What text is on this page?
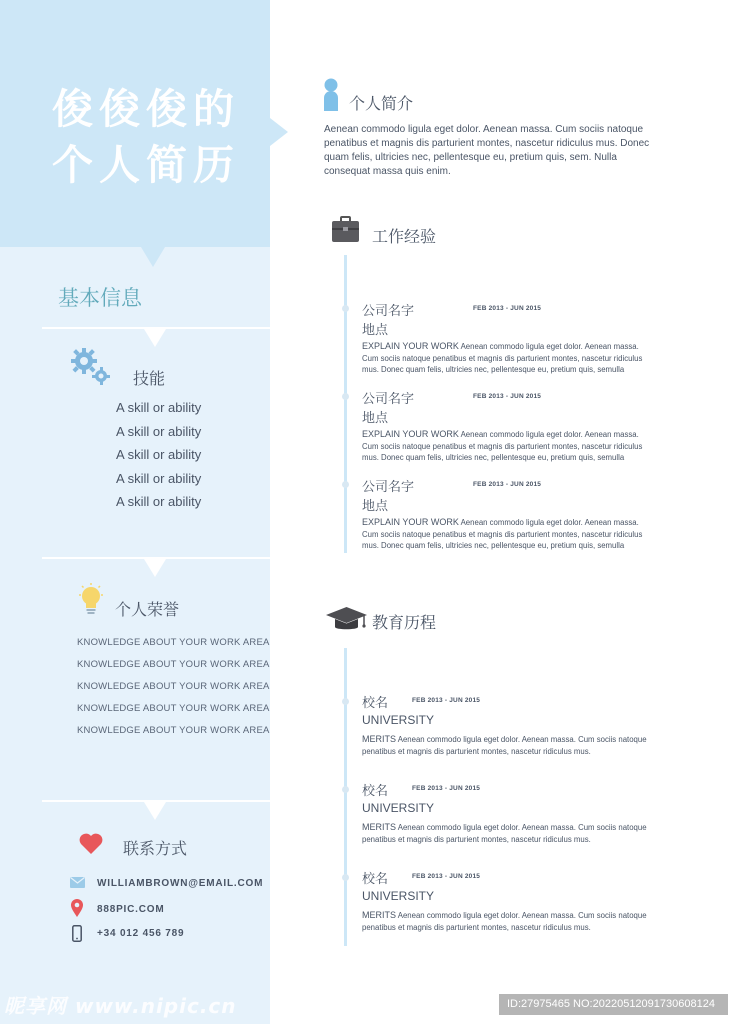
俊俊俊的
个人简历
基本信息
技能
A skill or ability
A skill or ability
A skill or ability
A skill or ability
A skill or ability
个人荣誉
KNOWLEDGE ABOUT YOUR WORK AREA
KNOWLEDGE ABOUT YOUR WORK AREA
KNOWLEDGE ABOUT YOUR WORK AREA
KNOWLEDGE ABOUT YOUR WORK AREA
KNOWLEDGE ABOUT YOUR WORK AREA
联系方式
WILLIAMBROWN@EMAIL.COM
888PIC.COM
+34 012 456 789
个人简介
Aenean commodo ligula eget dolor. Aenean massa. Cum sociis natoque penatibus et magnis dis parturient montes, nascetur ridiculus mus. Donec quam felis, ultricies nec, pellentesque eu, pretium quis, sem. Nulla consequat massa quis enim.
工作经验
公司名字	FEB 2013 - JUN 2015
地点
EXPLAIN YOUR WORK Aenean commodo ligula eget dolor. Aenean massa. Cum sociis natoque penatibus et magnis dis parturient montes, nascetur ridiculus mus. Donec quam felis, ultricies nec, pellentesque eu, pretium quis, semulla
公司名字	FEB 2013 - JUN 2015
地点
EXPLAIN YOUR WORK Aenean commodo ligula eget dolor. Aenean massa. Cum sociis natoque penatibus et magnis dis parturient montes, nascetur ridiculus mus. Donec quam felis, ultricies nec, pellentesque eu, pretium quis, semulla
公司名字	FEB 2013 - JUN 2015
地点
EXPLAIN YOUR WORK Aenean commodo ligula eget dolor. Aenean massa. Cum sociis natoque penatibus et magnis dis parturient montes, nascetur ridiculus mus. Donec quam felis, ultricies nec, pellentesque eu, pretium quis, semulla
教育历程
校名	FEB 2013 - JUN 2015
UNIVERSITY
MERITS Aenean commodo ligula eget dolor. Aenean massa. Cum sociis natoque penatibus et magnis dis parturient montes, nascetur ridiculus mus.
校名	FEB 2013 - JUN 2015
UNIVERSITY
MERITS Aenean commodo ligula eget dolor. Aenean massa. Cum sociis natoque penatibus et magnis dis parturient montes, nascetur ridiculus mus.
校名	FEB 2013 - JUN 2015
UNIVERSITY
MERITS Aenean commodo ligula eget dolor. Aenean massa. Cum sociis natoque penatibus et magnis dis parturient montes, nascetur ridiculus mus.
昵享网 www.nipic.cn	ID:27975465 NO:20220512091730608124
